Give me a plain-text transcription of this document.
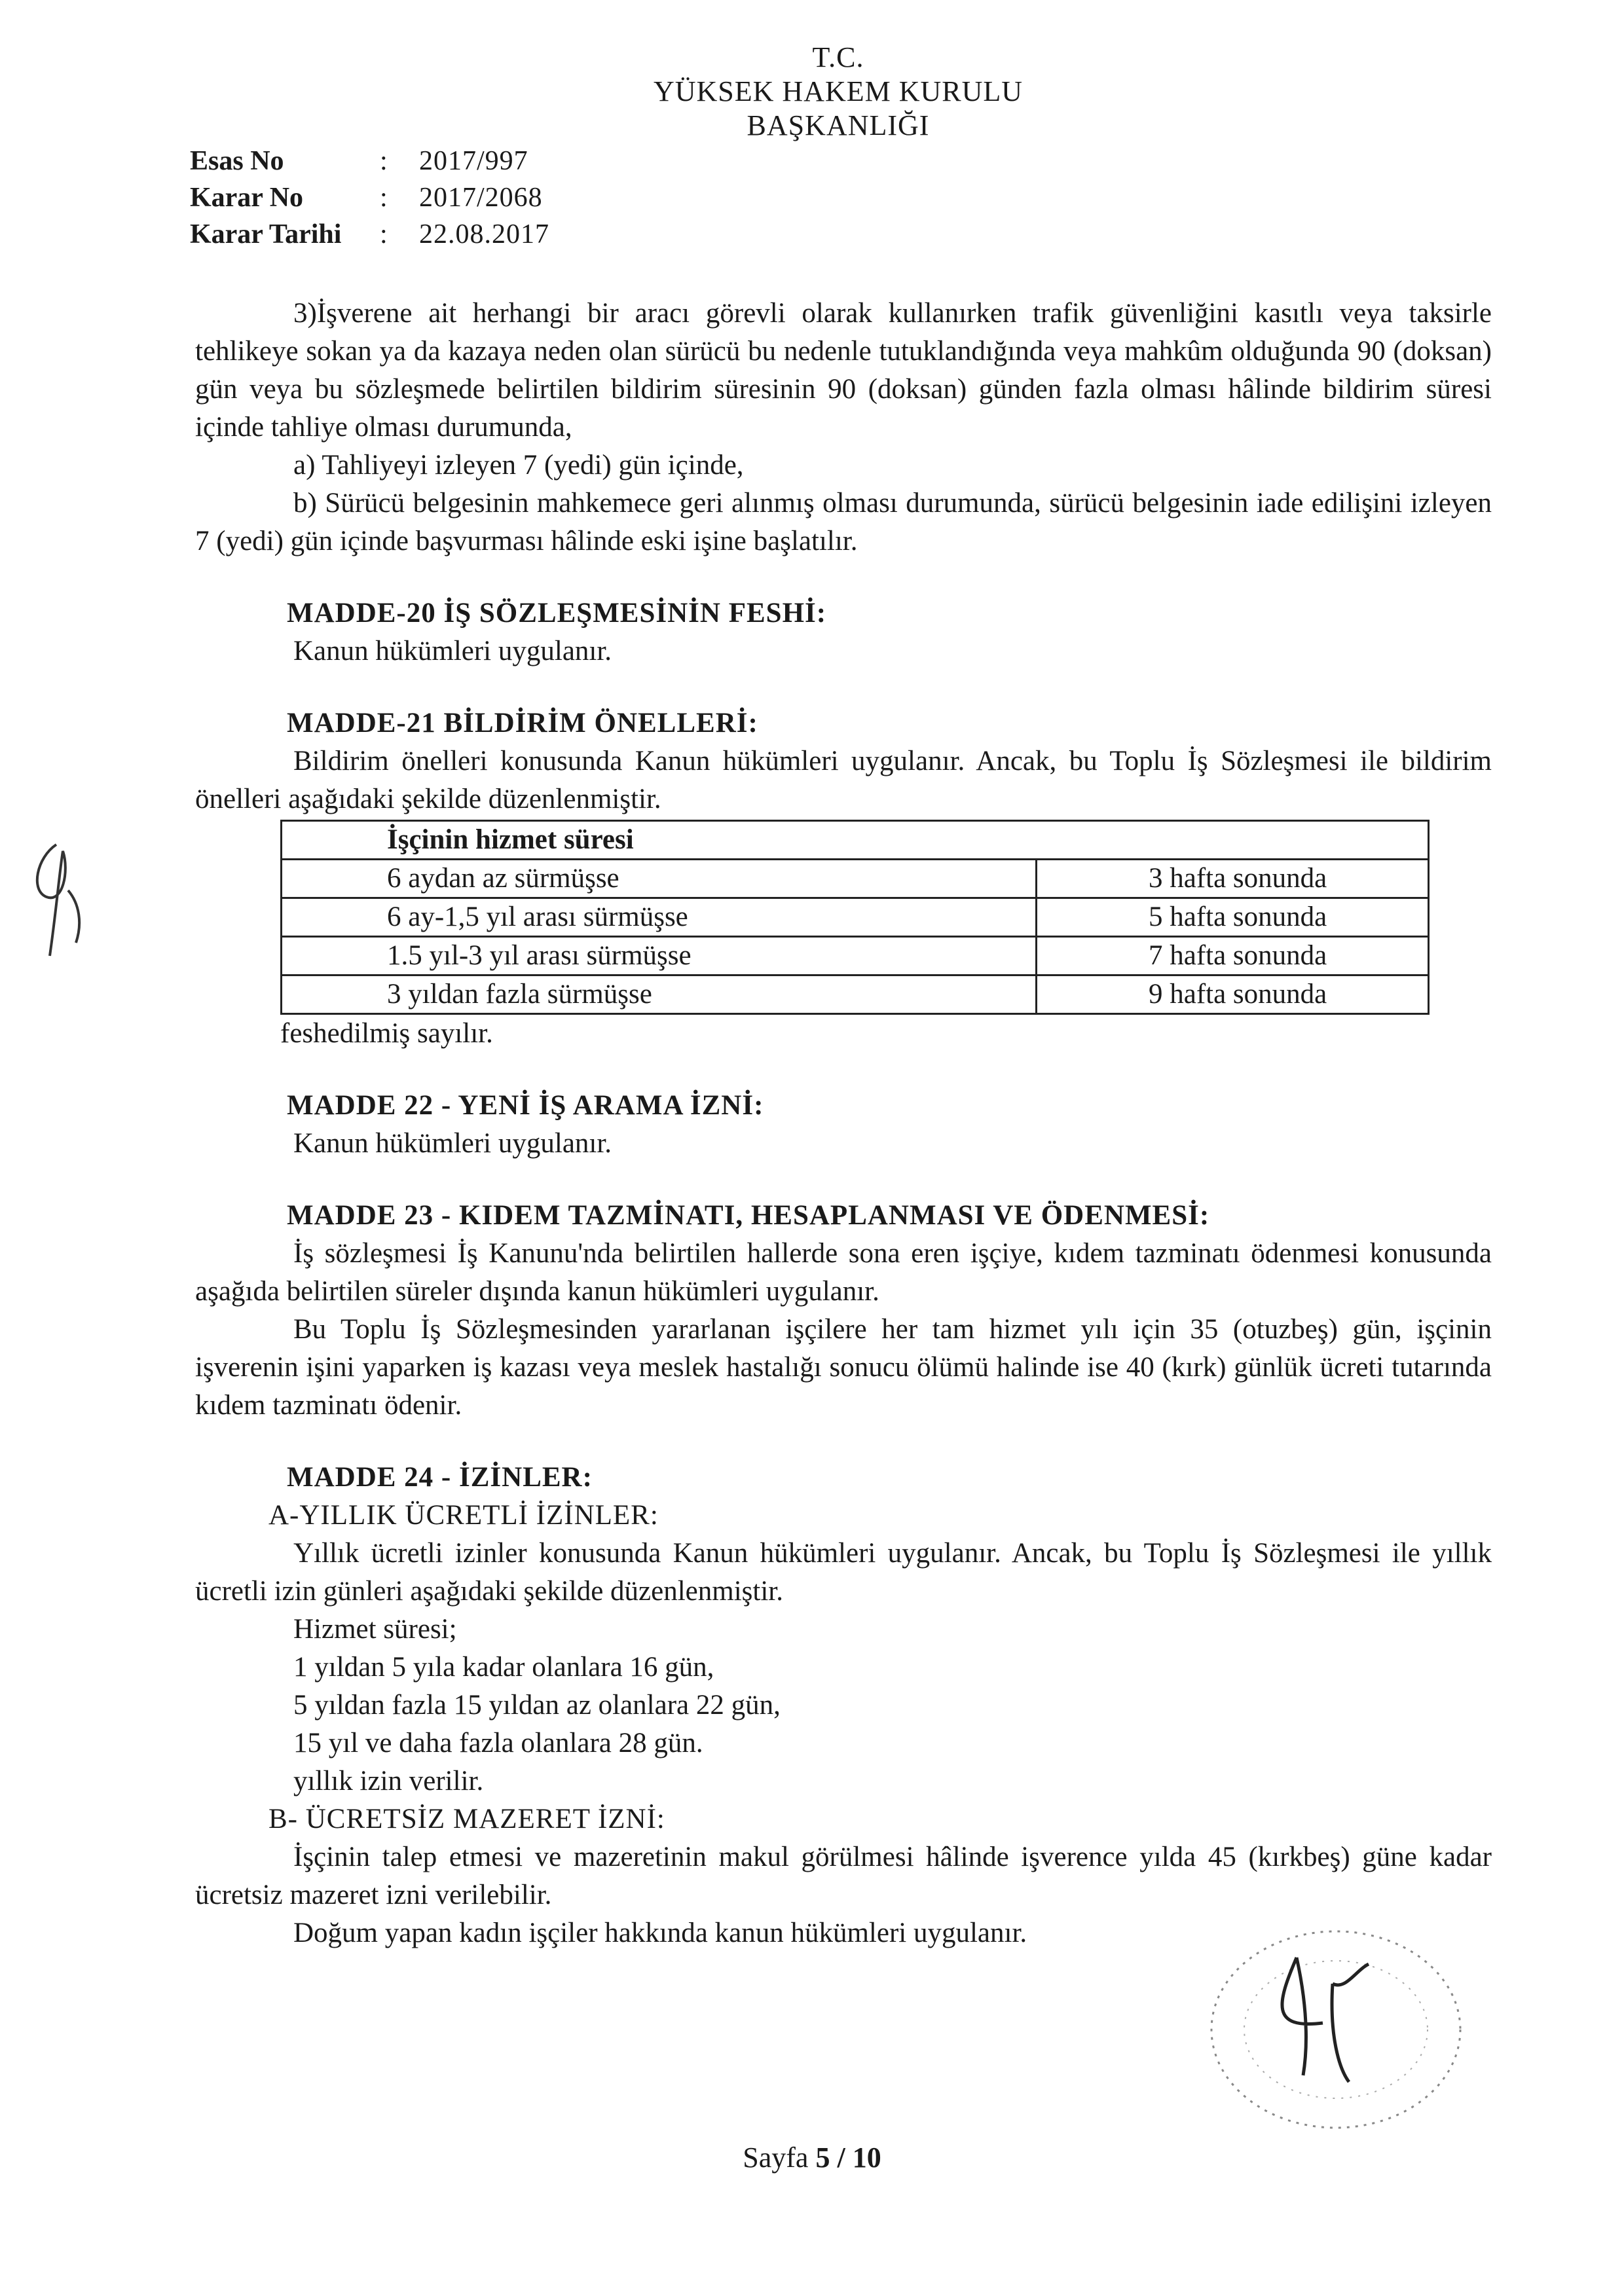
T.C.
YÜKSEK HAKEM KURULU
BAŞKANLIĞI
Esas No	:	2017/997
Karar No	:	2017/2068
Karar Tarihi	:	22.08.2017

3)İşverene ait herhangi bir aracı görevli olarak kullanırken trafik güvenliğini kasıtlı veya taksirle tehlikeye sokan ya da kazaya neden olan sürücü bu nedenle tutuklandığında veya mahkûm olduğunda 90 (doksan) gün veya bu sözleşmede belirtilen bildirim süresinin 90 (doksan) günden fazla olması hâlinde bildirim süresi içinde tahliye olması durumunda,

a) Tahliyeyi izleyen 7 (yedi) gün içinde,

b) Sürücü belgesinin mahkemece geri alınmış olması durumunda, sürücü belgesinin iade edilişini izleyen 7 (yedi) gün içinde başvurması hâlinde eski işine başlatılır.

MADDE-20 İŞ SÖZLEŞMESİNİN FESHİ:

Kanun hükümleri uygulanır.

MADDE-21 BİLDİRİM ÖNELLERİ:

Bildirim önelleri konusunda Kanun hükümleri uygulanır. Ancak, bu Toplu İş Sözleşmesi ile bildirim önelleri aşağıdaki şekilde düzenlenmiştir.

İşçinin hizmet süresi	
6 aydan az sürmüşse	3 hafta sonunda
6 ay-1,5 yıl arası sürmüşse	5 hafta sonunda
1.5 yıl-3 yıl arası sürmüşse	7 hafta sonunda
3 yıldan fazla sürmüşse	9 hafta sonunda

feshedilmiş sayılır.

MADDE 22 - YENİ İŞ ARAMA İZNİ:

Kanun hükümleri uygulanır.

MADDE 23 - KIDEM TAZMİNATI, HESAPLANMASI VE ÖDENMESİ:

İş sözleşmesi İş Kanunu'nda belirtilen hallerde sona eren işçiye, kıdem tazminatı ödenmesi konusunda aşağıda belirtilen süreler dışında kanun hükümleri uygulanır.

Bu Toplu İş Sözleşmesinden yararlanan işçilere her tam hizmet yılı için 35 (otuzbeş) gün, işçinin işverenin işini yaparken iş kazası veya meslek hastalığı sonucu ölümü halinde ise 40 (kırk) günlük ücreti tutarında kıdem tazminatı ödenir.

MADDE 24 - İZİNLER:
A-YILLIK ÜCRETLİ İZİNLER:

Yıllık ücretli izinler konusunda Kanun hükümleri uygulanır. Ancak, bu Toplu İş Sözleşmesi ile yıllık ücretli izin günleri aşağıdaki şekilde düzenlenmiştir.

Hizmet süresi;

1 yıldan 5 yıla kadar olanlara 16 gün,

5 yıldan fazla 15 yıldan az olanlara 22 gün,

15 yıl ve daha fazla olanlara 28 gün.

yıllık izin verilir.

B- ÜCRETSİZ MAZERET İZNİ:

İşçinin talep etmesi ve mazeretinin makul görülmesi hâlinde işverence yılda 45 (kırkbeş) güne kadar ücretsiz mazeret izni verilebilir.

Doğum yapan kadın işçiler hakkında kanun hükümleri uygulanır.

Sayfa 5 / 10
